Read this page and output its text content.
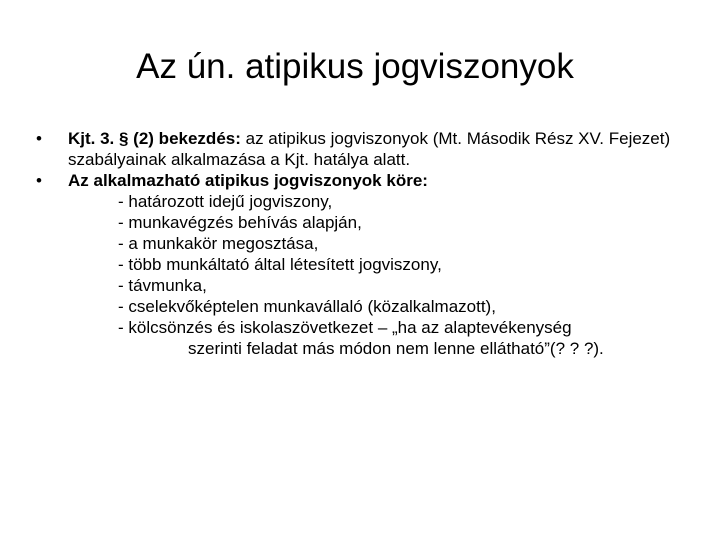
Az ún. atipikus jogviszonyok

•	Kjt. 3. § (2) bekezdés: az atipikus jogviszonyok (Mt. Második Rész XV. Fejezet) szabályainak alkalmazása a Kjt. hatálya alatt.

•	Az alkalmazható atipikus jogviszonyok köre:

- határozott idejű jogviszony,

- munkavégzés behívás alapján,

- a munkakör megosztása,

- több munkáltató által létesített jogviszony,

- távmunka,

- cselekvőképtelen munkavállaló (közalkalmazott),

- kölcsönzés és iskolaszövetkezet – „ha az alaptevékenység

szerinti feladat más módon nem lenne ellátható”(? ? ?).
